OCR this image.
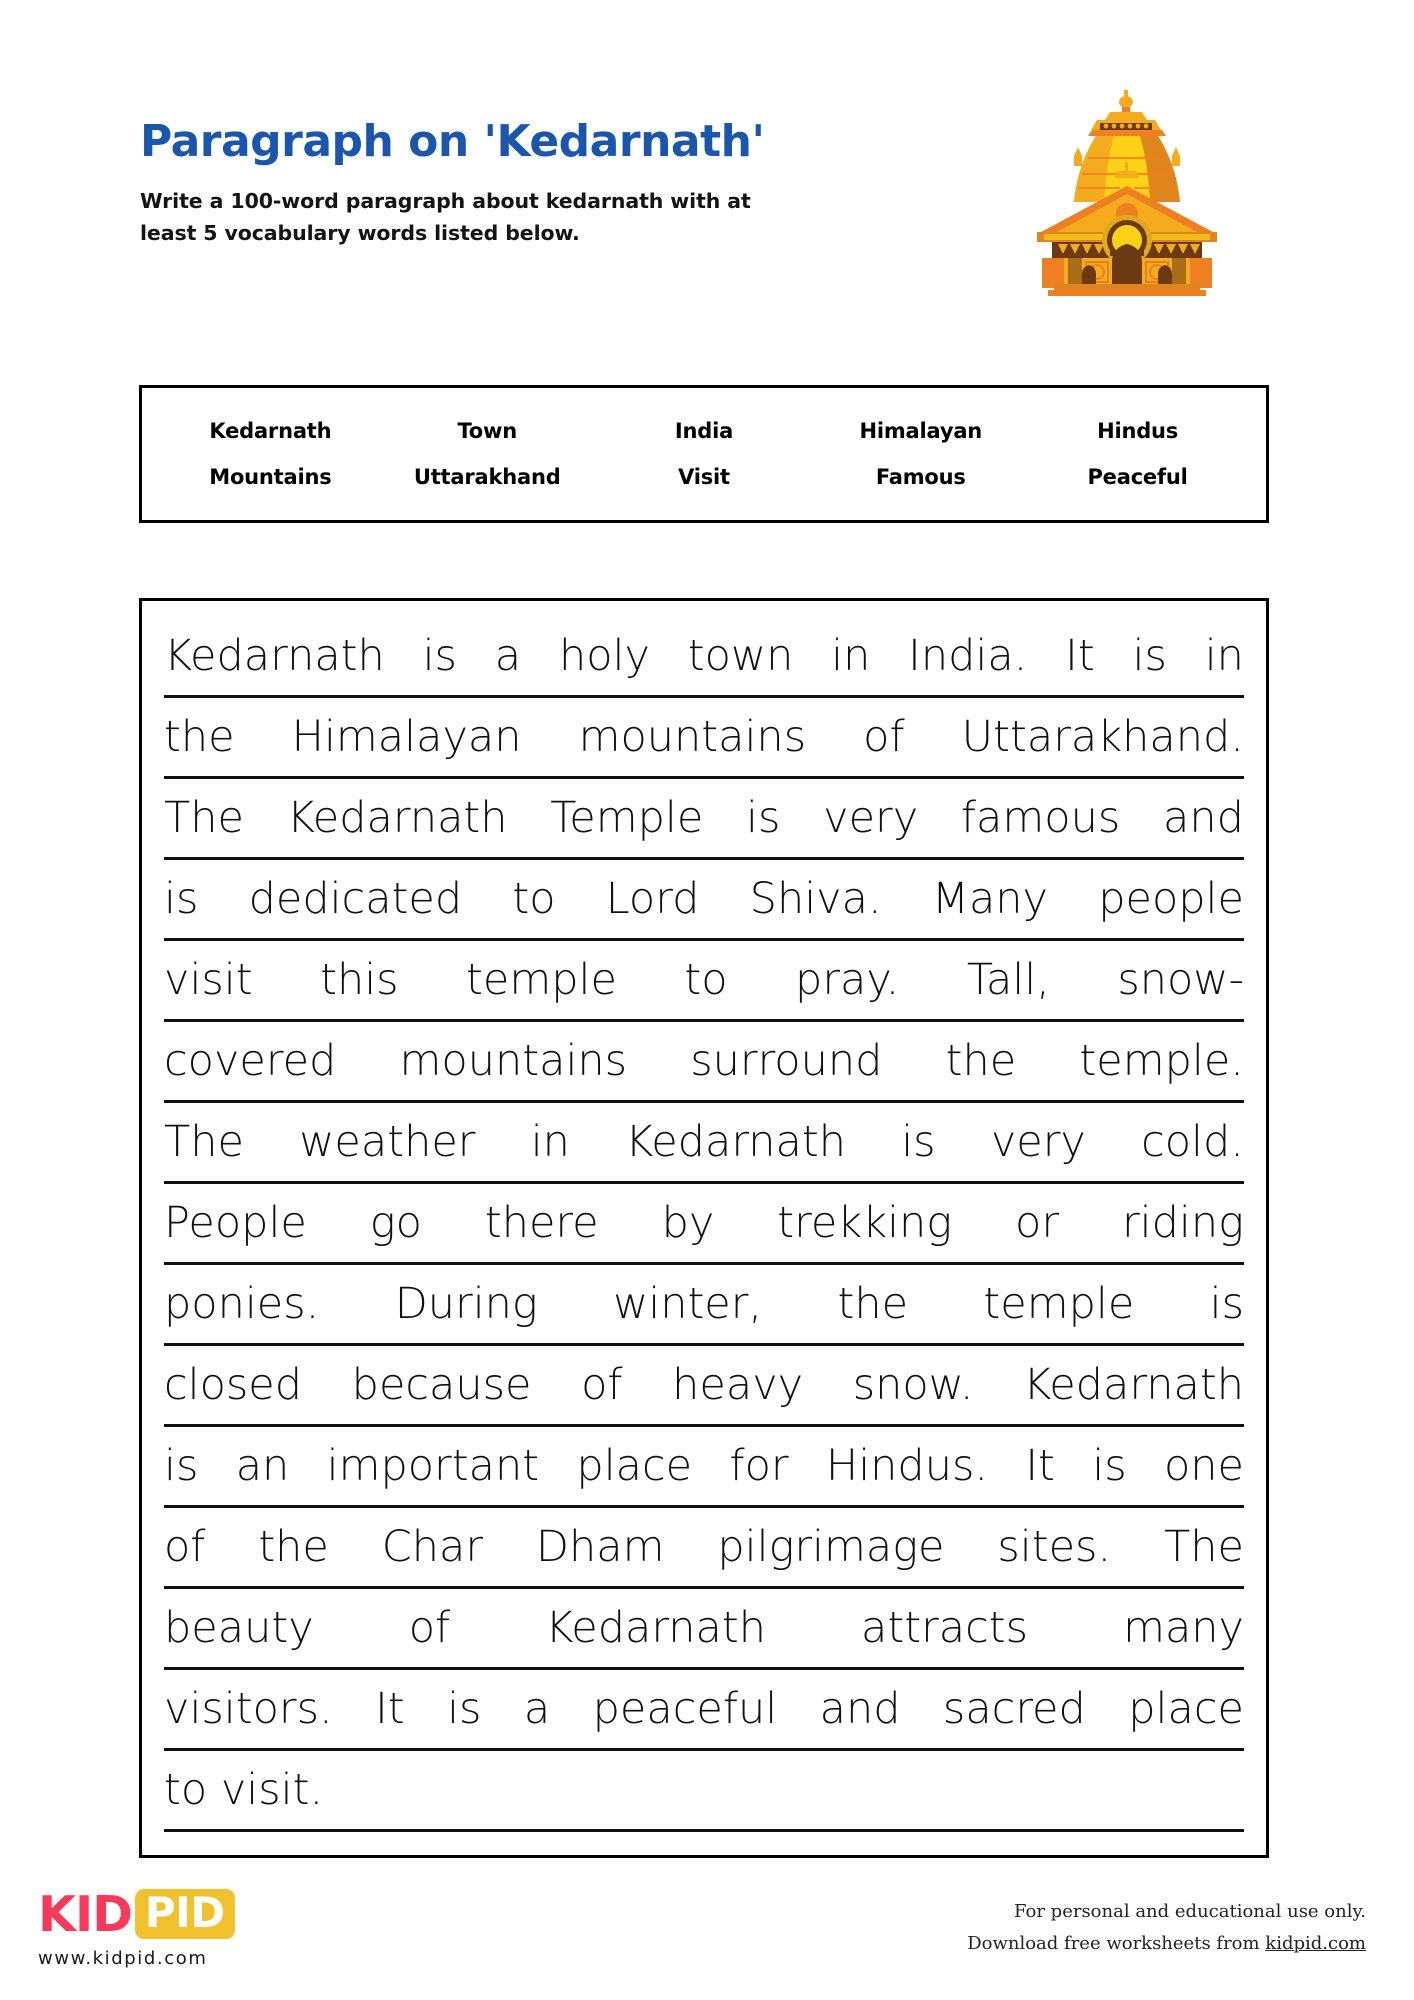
Paragraph on 'Kedarnath'
Write a 100-word paragraph about kedarnath with at
least 5 vocabulary words listed below.
Kedarnath	Town	India	Himalayan	Hindus
Mountains	Uttarakhand	Visit	Famous	Peaceful
Kedarnath is a holy town in India. It is in
the Himalayan mountains of Uttarakhand.
The Kedarnath Temple is very famous and
is dedicated to Lord Shiva. Many people
visit this temple to pray. Tall, snow-
covered mountains surround the temple.
The weather in Kedarnath is very cold.
People go there by trekking or riding
ponies. During winter, the temple is
closed because of heavy snow. Kedarnath
is an important place for Hindus. It is one
of the Char Dham pilgrimage sites. The
beauty of Kedarnath attracts many
visitors. It is a peaceful and sacred place
to visit.
KID PID
www.kidpid.com
For personal and educational use only.
Download free worksheets from kidpid.com
